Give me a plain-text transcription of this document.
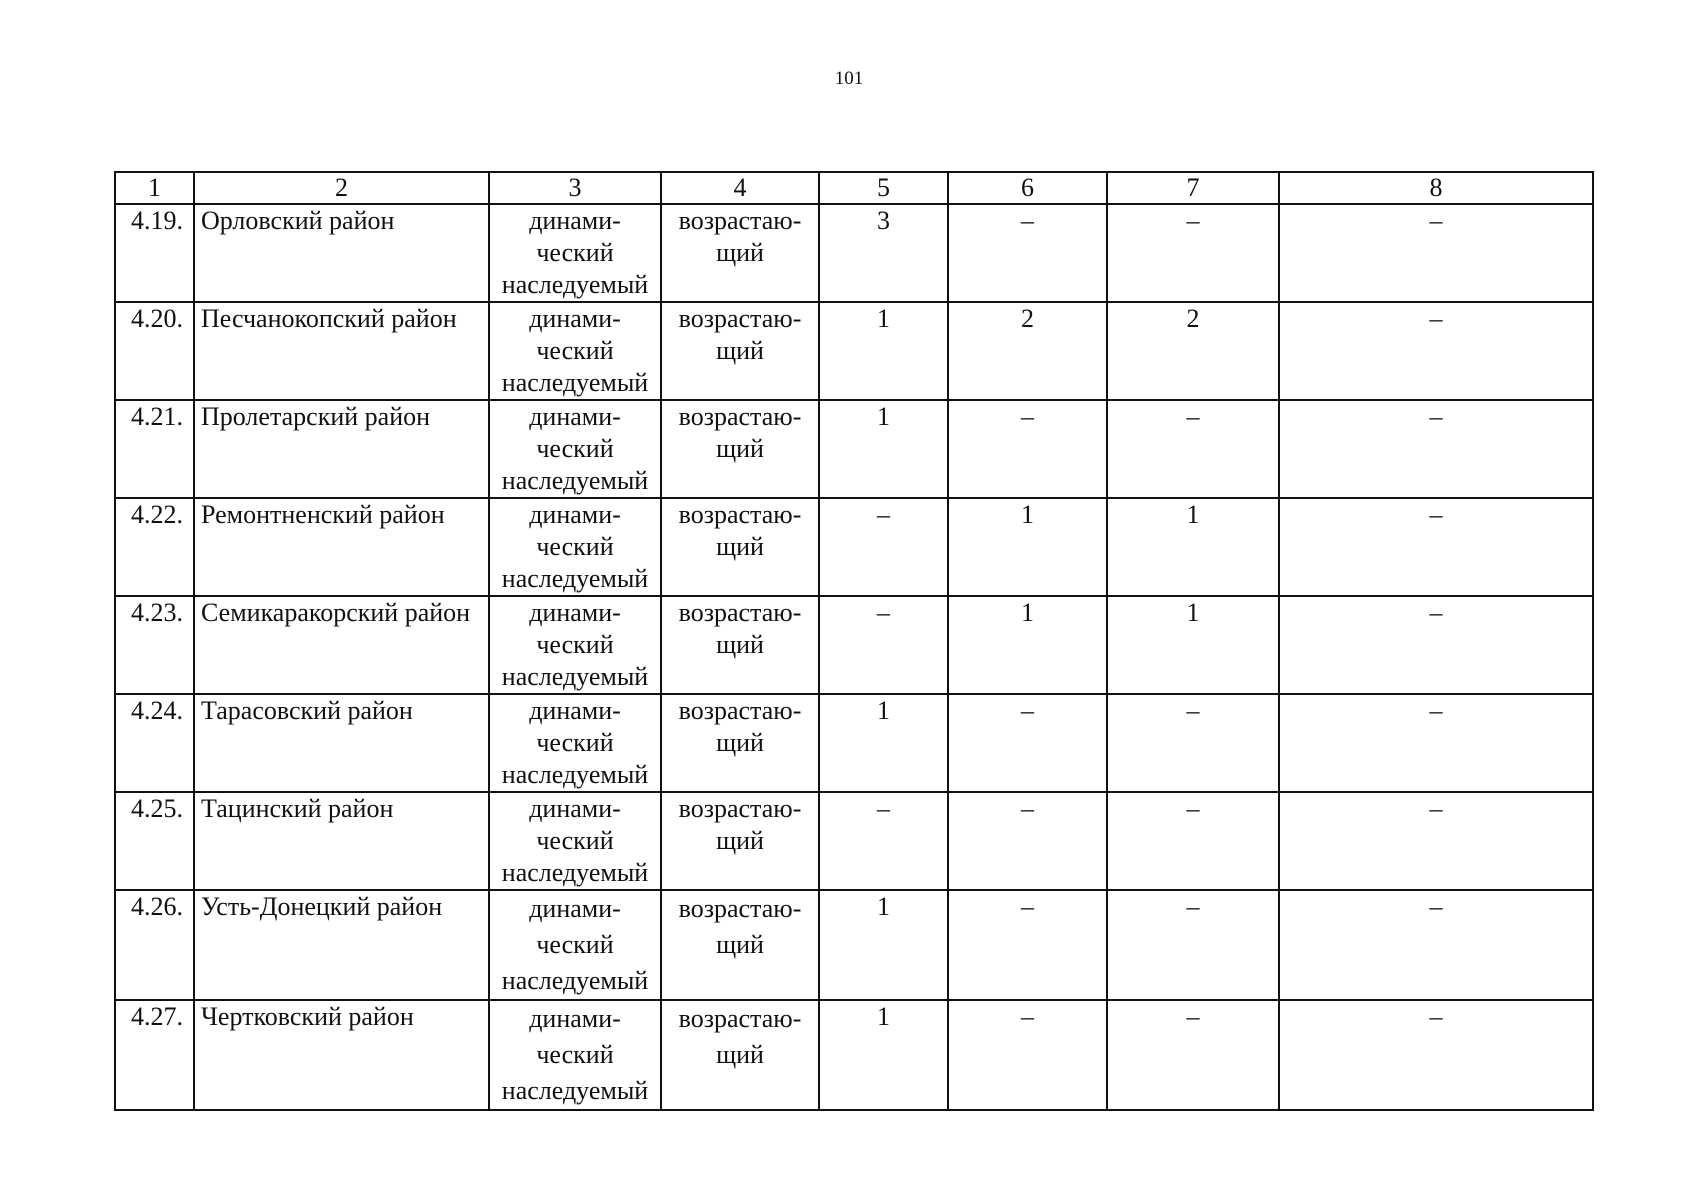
101
1	2	3	4	5	6	7	8
4.19.	Орловский район	динами-
ческий
наследуемый	возрастаю-
щий	3	–	–	–
4.20.	Песчанокопский район	динами-
ческий
наследуемый	возрастаю-
щий	1	2	2	–
4.21.	Пролетарский район	динами-
ческий
наследуемый	возрастаю-
щий	1	–	–	–
4.22.	Ремонтненский район	динами-
ческий
наследуемый	возрастаю-
щий	–	1	1	–
4.23.	Семикаракорский район	динами-
ческий
наследуемый	возрастаю-
щий	–	1	1	–
4.24.	Тарасовский район	динами-
ческий
наследуемый	возрастаю-
щий	1	–	–	–
4.25.	Тацинский район	динами-
ческий
наследуемый	возрастаю-
щий	–	–	–	–
4.26.	Усть-Донецкий район	динами-
ческий
наследуемый	возрастаю-
щий	1	–	–	–
4.27.	Чертковский район	динами-
ческий
наследуемый	возрастаю-
щий	1	–	–	–
